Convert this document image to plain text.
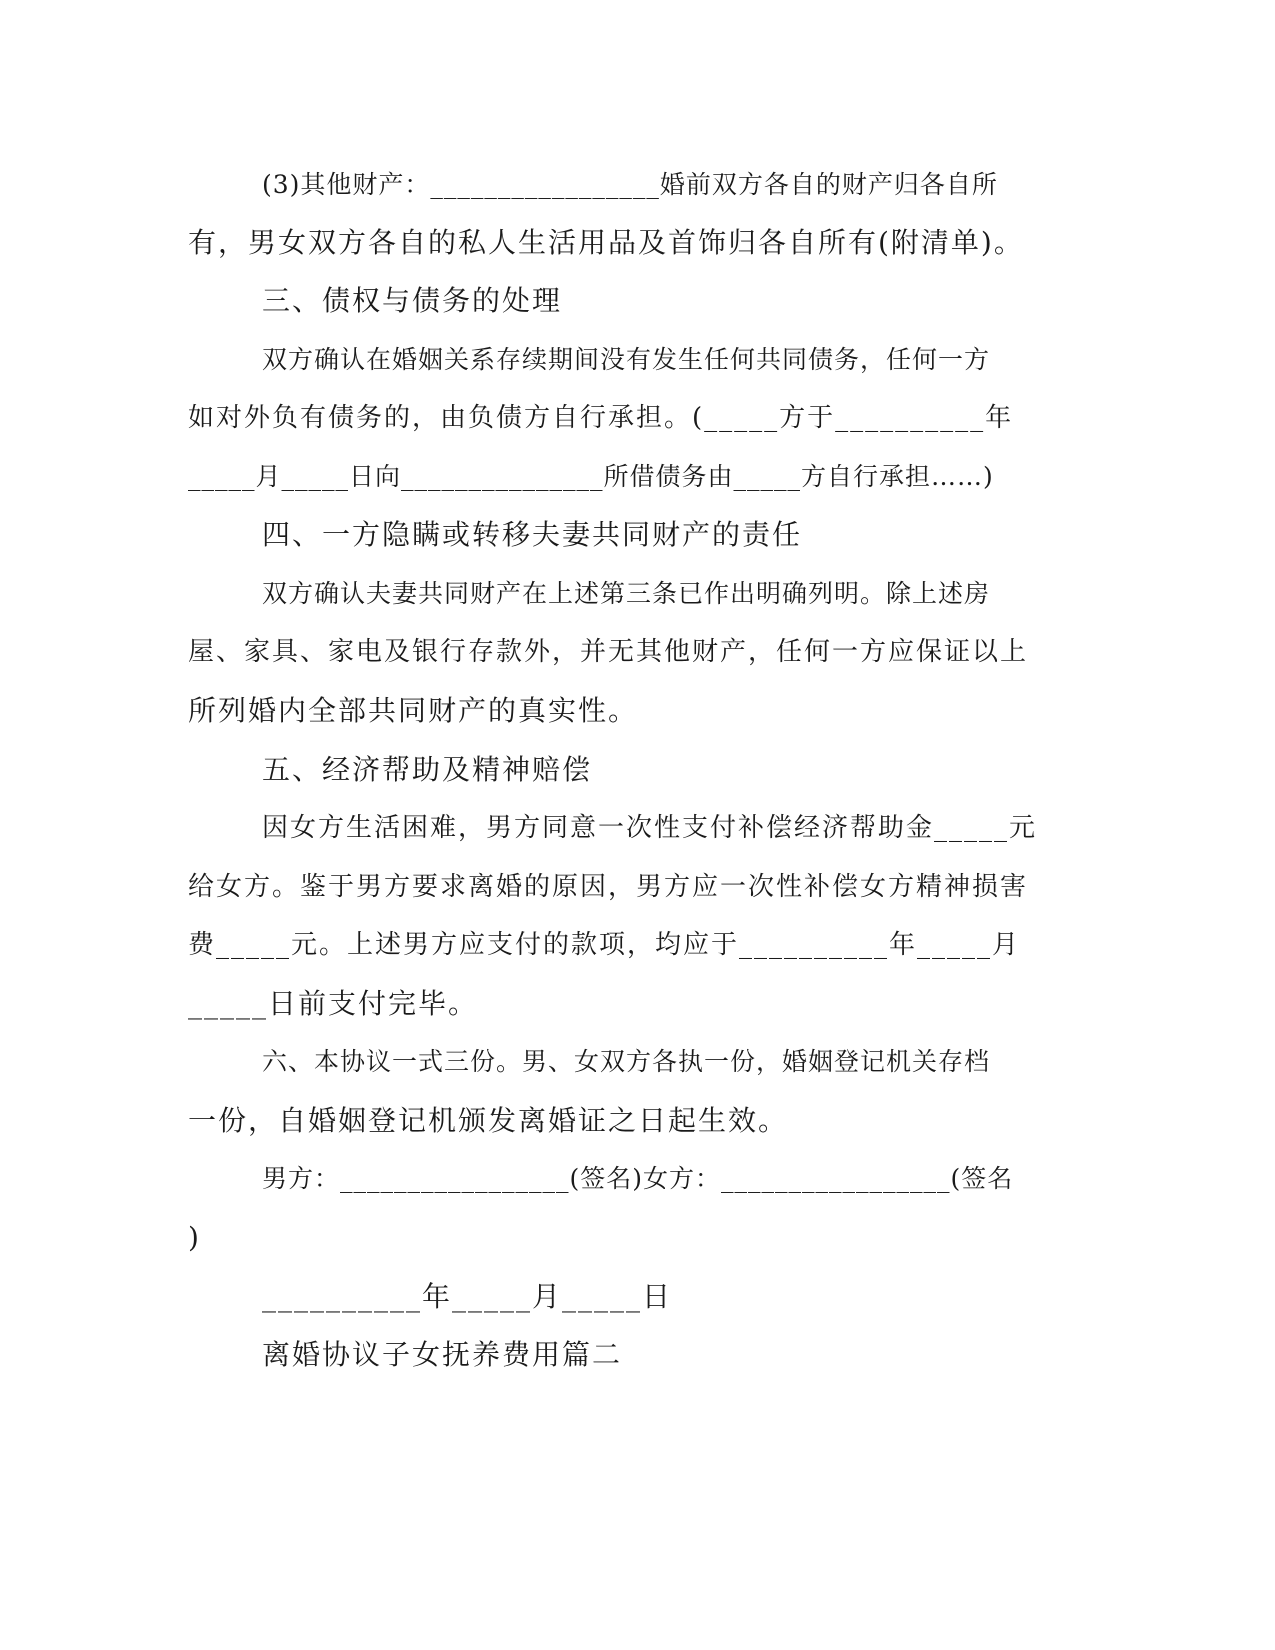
(3)其他财产：_________________婚前双方各自的财产归各自所
有，男女双方各自的私人生活用品及首饰归各自所有(附清单)。
三、债权与债务的处理
双方确认在婚姻关系存续期间没有发生任何共同债务，任何一方
如对外负有债务的，由负债方自行承担。(_____方于__________年
_____月_____日向_______________所借债务由_____方自行承担……)
四、一方隐瞒或转移夫妻共同财产的责任
双方确认夫妻共同财产在上述第三条已作出明确列明。除上述房
屋、家具、家电及银行存款外，并无其他财产，任何一方应保证以上
所列婚内全部共同财产的真实性。
五、经济帮助及精神赔偿
因女方生活困难，男方同意一次性支付补偿经济帮助金_____元
给女方。鉴于男方要求离婚的原因，男方应一次性补偿女方精神损害
费_____元。上述男方应支付的款项，均应于__________年_____月
_____日前支付完毕。
六、本协议一式三份。男、女双方各执一份，婚姻登记机关存档
一份，自婚姻登记机颁发离婚证之日起生效。
男方：_________________(签名)女方：_________________(签名
)
__________年_____月_____日
离婚协议子女抚养费用篇二
